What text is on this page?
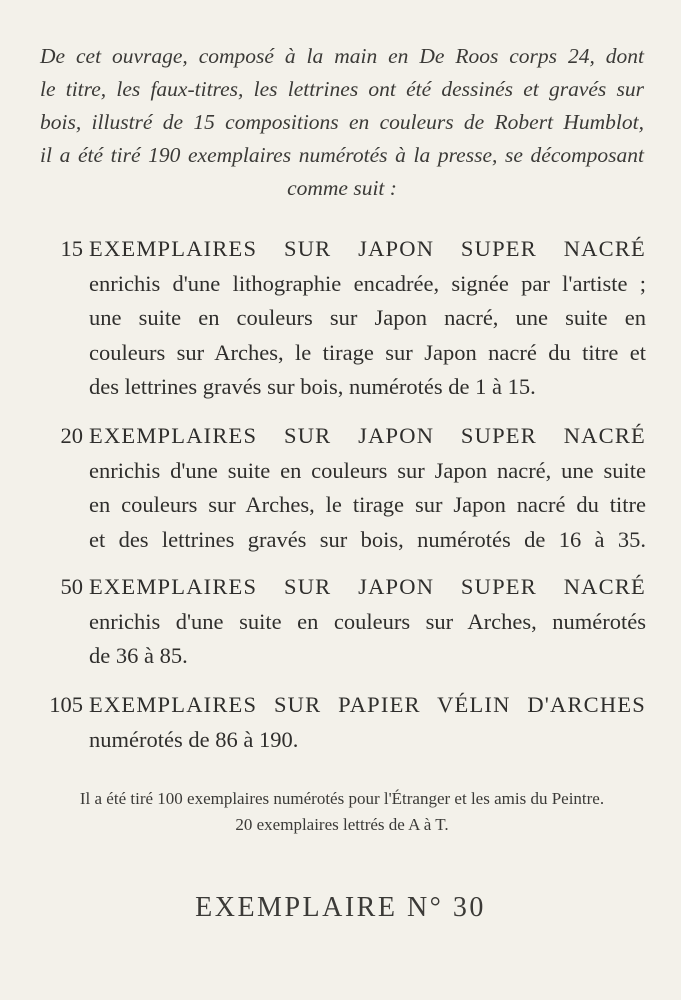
De cet ouvrage, composé à la main en De Roos corps 24, dont
le titre, les faux-titres, les lettrines ont été dessinés et gravés sur
bois, illustré de 15 compositions en couleurs de Robert Humblot,
il a été tiré 190 exemplaires numérotés à la presse, se décomposant
comme suit :
15 EXEMPLAIRES SUR JAPON SUPER NACRÉ
enrichis d'une lithographie encadrée, signée par l'artiste ;
une suite en couleurs sur Japon nacré, une suite en
couleurs sur Arches, le tirage sur Japon nacré du titre et
des lettrines gravés sur bois, numérotés de 1 à 15.
20 EXEMPLAIRES SUR JAPON SUPER NACRÉ
enrichis d'une suite en couleurs sur Japon nacré, une suite
en couleurs sur Arches, le tirage sur Japon nacré du titre
et des lettrines gravés sur bois, numérotés de 16 à 35.
50 EXEMPLAIRES SUR JAPON SUPER NACRÉ
enrichis d'une suite en couleurs sur Arches, numérotés
de 36 à 85.
105 EXEMPLAIRES SUR PAPIER VÉLIN D'ARCHES
numérotés de 86 à 190.
Il a été tiré 100 exemplaires numérotés pour l'Étranger et les amis du Peintre.
20 exemplaires lettrés de A à T.
EXEMPLAIRE N° 30
